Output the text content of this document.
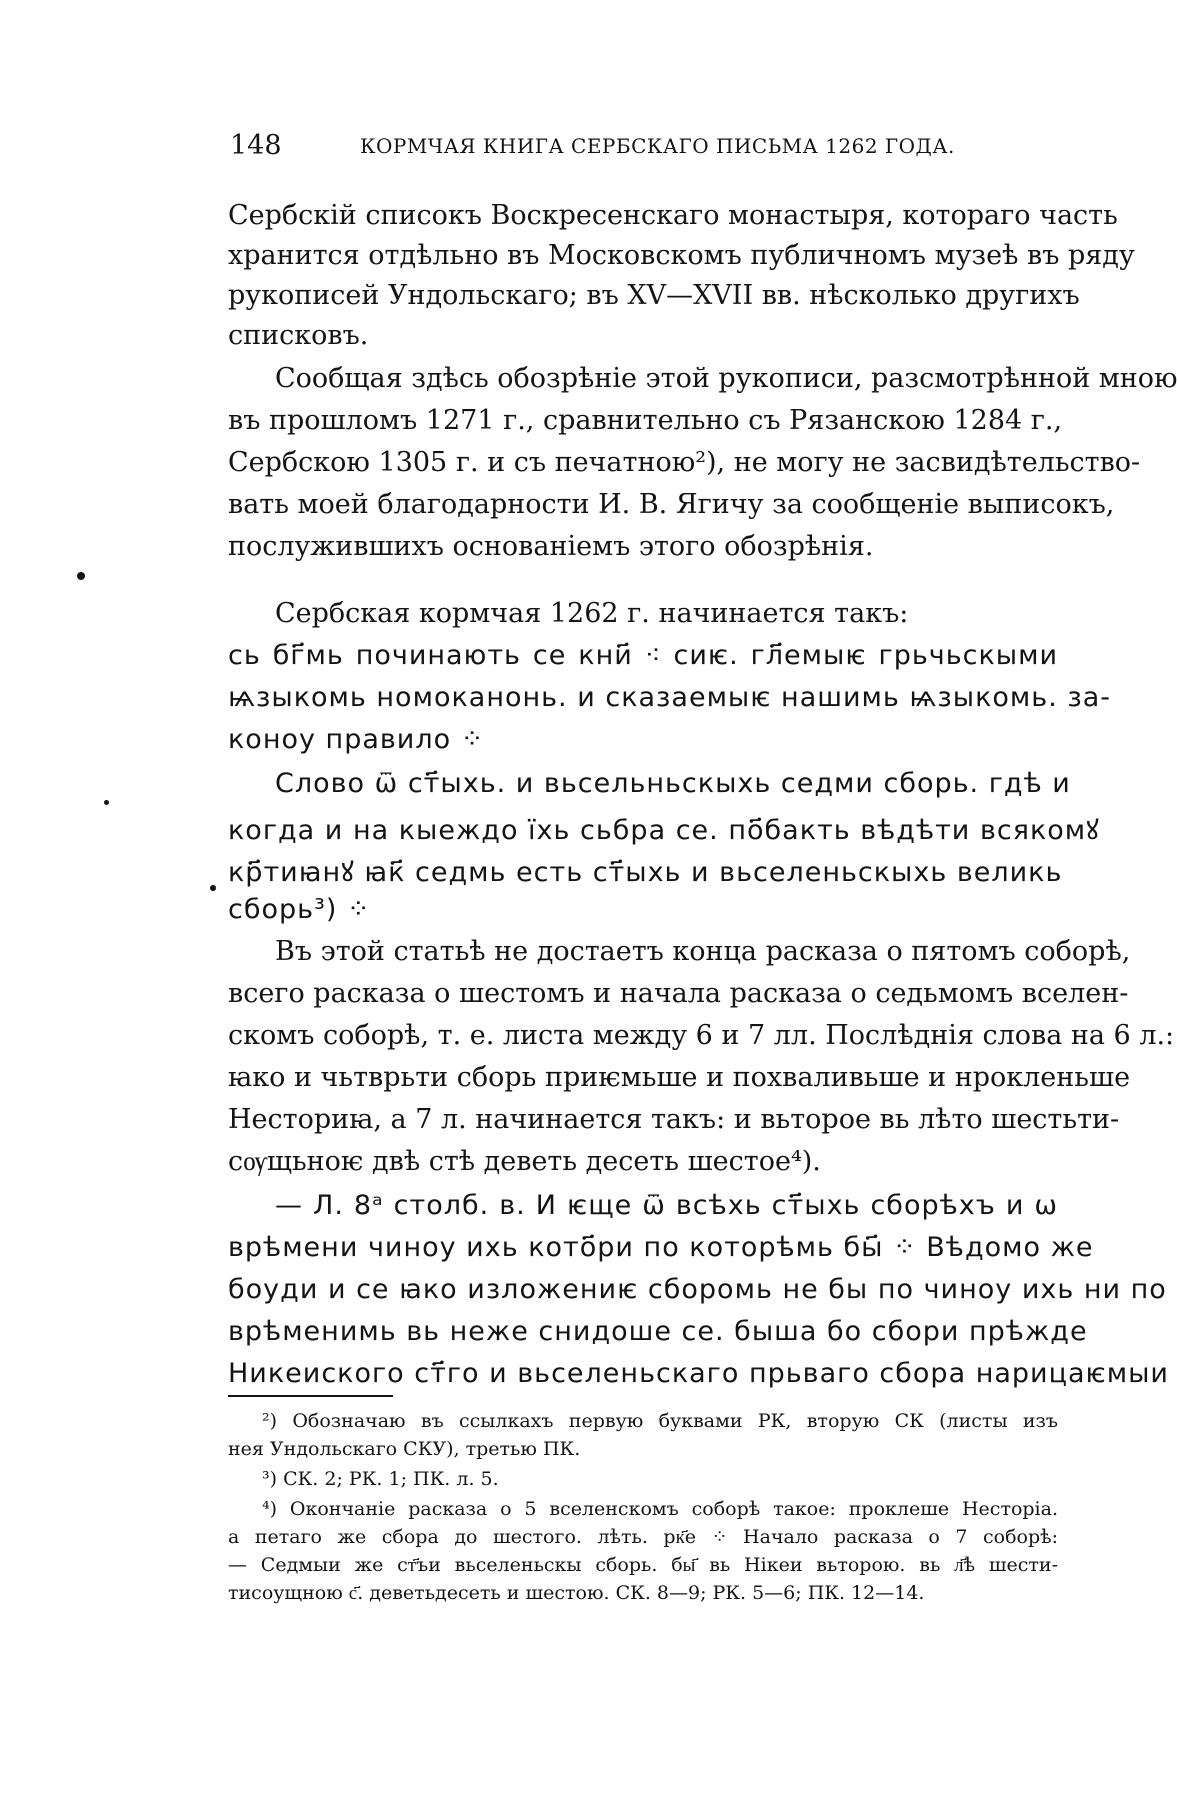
148	КОРМЧАЯ КНИГА СЕРБСКАГО ПИСЬМА 1262 ГОДА.
Сербскій списокъ Воскресенскаго монастыря, котораго часть
хранится отдѣльно въ Московскомъ публичномъ музеѣ въ ряду
рукописей Ундольскаго; въ XV—XVII вв. нѣсколько другихъ
списковъ.
Сообщая здѣсь обозрѣніе этой рукописи, разсмотрѣнной мною
въ прошломъ 1271 г., сравнительно съ Рязанскою 1284 г.,
Сербскою 1305 г. и съ печатною²), не могу не засвидѣтельство-
вать моей благодарности И. В. Ягичу за сообщеніе выписокъ,
послужившихъ основаніемъ этого обозрѣнія.
Сербская кормчая 1262 г. начинается такъ:
сь бг҃мь починають се кни҃ ⁖ сиѥ. гл҃емыѥ грьчьскыми
ѩзыкомь номоканонь. и сказаемыѥ нашимь ѩзыкомь. за-
коноу правило ⁘
Слово ѿ ст҃ыхь. и вьсельньскыхь седми сборь. гдѣ и
когда и на кыеждо їхь сьбра се. по҃бакть вѣдѣти всякомꙋ
кр҃тиꙗнꙋ ꙗк҃ седмь есть ст҃ыхь и вьселеньскыхь великь
сборь³) ⁘
Въ этой статьѣ не достаетъ конца расказа о пятомъ соборѣ,
всего расказа о шестомъ и начала расказа о седьмомъ вселен-
скомъ соборѣ, т. е. листа между 6 и 7 лл. Послѣднія слова на 6 л.:
ꙗко и чьтврьти сборь приѥмьше и похваливьше и нрокленьше
Несториꙗ, а 7 л. начинается такъ: и вьторое вь лѣто шестьти-
сѹщьноѥ двѣ стѣ деветь десеть шестое⁴).
— Л. 8ᵃ столб. в. И ѥще ѿ всѣхь ст҃ыхь сборѣхъ и ѡ
врѣмени чиноу ихь кото҃ри по которѣмь бы҃ ⁘ Вѣдомо же
боуди и се ꙗко изложениѥ сборомь не бы по чиноу ихь ни по
врѣменимь вь неже снидоше се. быша бо сбори прѣжде
Никеиского ст҃го и вьселеньскаго прьваго сбора нарицаѥмыи
²) Обозначаю въ ссылкахъ первую буквами РК, вторую СК (листы изъ
нея Ундольскаго СКУ), третью ПК.
³) СК. 2; РК. 1; ПК. л. 5.
⁴) Окончаніе расказа о 5 вселенскомъ соборѣ такое: проклеше Несторіа.
а петаго же сбора до шестого. лѣть. рк҃е ⁘ Начало расказа о 7 соборѣ:
— Седмыи же ст҃ъи вьселеньскы сборь. бы҃ вь Нікеи вьторою. вь л҃ѣ шести-
тисоущною с҃. деветьдесеть и шестою. СК. 8—9; РК. 5—6; ПК. 12—14.
